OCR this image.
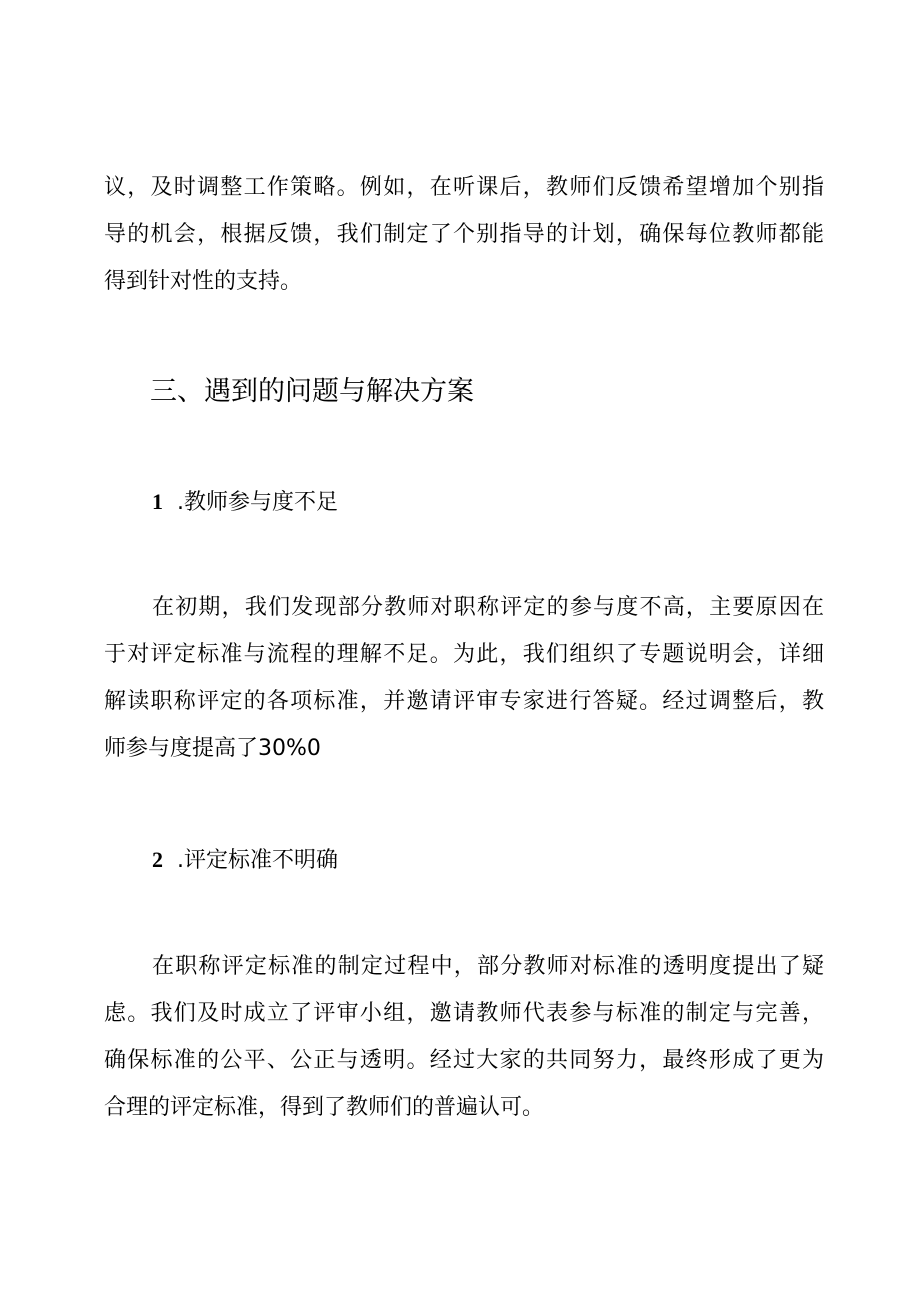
议，及时调整工作策略。例如，在听课后，教师们反馈希望增加个别指
导的机会，根据反馈，我们制定了个别指导的计划，确保每位教师都能
得到针对性的支持。

三、遇到的问题与解决方案
1 .教师参与度不足

在初期，我们发现部分教师对职称评定的参与度不高，主要原因在
于对评定标准与流程的理解不足。为此，我们组织了专题说明会，详细
解读职称评定的各项标准，并邀请评审专家进行答疑。经过调整后，教
师参与度提高了30%0

2 .评定标准不明确

在职称评定标准的制定过程中，部分教师对标准的透明度提出了疑
虑。我们及时成立了评审小组，邀请教师代表参与标准的制定与完善，
确保标准的公平、公正与透明。经过大家的共同努力，最终形成了更为
合理的评定标准，得到了教师们的普遍认可。
